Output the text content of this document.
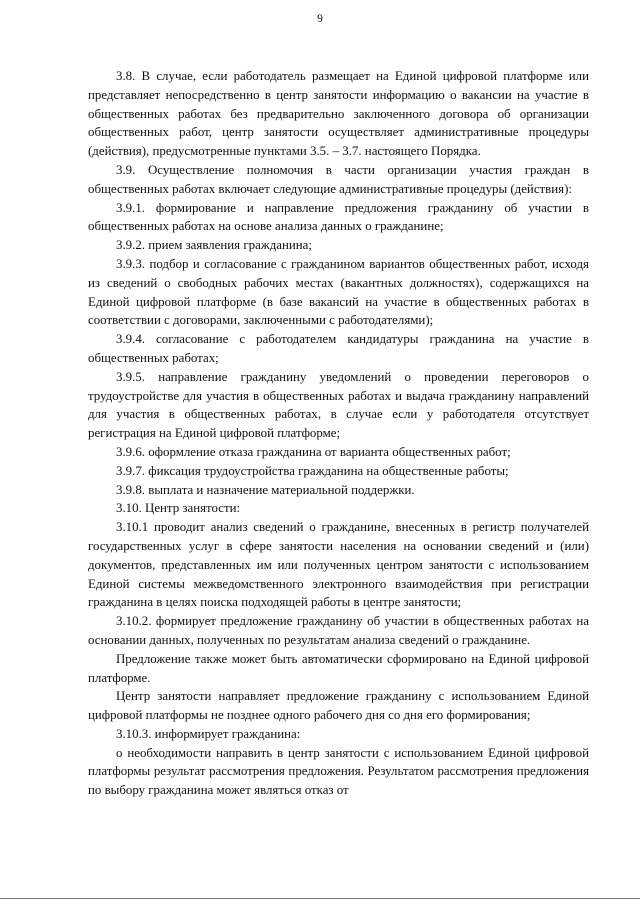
9

3.8. В случае, если работодатель размещает на Единой цифровой платформе или представляет непосредственно в центр занятости информацию о вакансии на участие в общественных работах без предварительно заключенного договора об организации общественных работ, центр занятости осуществляет административные процедуры (действия), предусмотренные пунктами 3.5. – 3.7. настоящего Порядка.

3.9. Осуществление полномочия в части организации участия граждан в общественных работах включает следующие административные процедуры (действия):

3.9.1. формирование и направление предложения гражданину об участии в общественных работах на основе анализа данных о гражданине;

3.9.2. прием заявления гражданина;

3.9.3. подбор и согласование с гражданином вариантов общественных работ, исходя из сведений о свободных рабочих местах (вакантных должностях), содержащихся на Единой цифровой платформе (в базе вакансий на участие в общественных работах в соответствии с договорами, заключенными с работодателями);

3.9.4. согласование с работодателем кандидатуры гражданина на участие в общественных работах;

3.9.5. направление гражданину уведомлений о проведении переговоров о трудоустройстве для участия в общественных работах и выдача гражданину направлений для участия в общественных работах, в случае если у работодателя отсутствует регистрация на Единой цифровой платформе;

3.9.6. оформление отказа гражданина от варианта общественных работ;

3.9.7. фиксация трудоустройства гражданина на общественные работы;

3.9.8. выплата и назначение материальной поддержки.

3.10. Центр занятости:

3.10.1 проводит анализ сведений о гражданине, внесенных в регистр получателей государственных услуг в сфере занятости населения на основании сведений и (или) документов, представленных им или полученных центром занятости с использованием Единой системы межведомственного электронного взаимодействия при регистрации гражданина в целях поиска подходящей работы в центре занятости;

3.10.2. формирует предложение гражданину об участии в общественных работах на основании данных, полученных по результатам анализа сведений о гражданине.

Предложение также может быть автоматически сформировано на Единой цифровой платформе.

Центр занятости направляет предложение гражданину с использованием Единой цифровой платформы не позднее одного рабочего дня со дня его формирования;

3.10.3. информирует гражданина:

о необходимости направить в центр занятости с использованием Единой цифровой платформы результат рассмотрения предложения. Результатом рассмотрения предложения по выбору гражданина может являться отказ от
